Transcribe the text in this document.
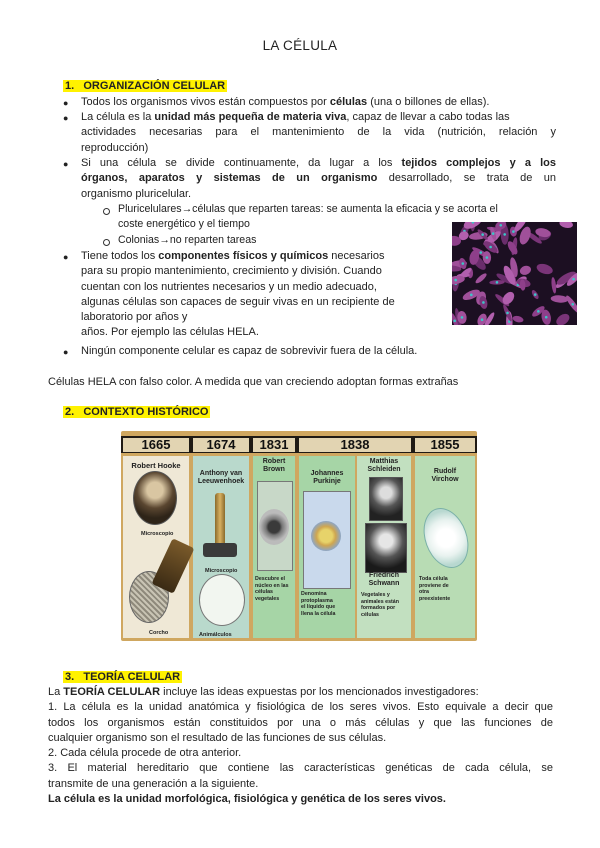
LA CÉLULA
1. ORGANIZACIÓN CELULAR
● Todos los organismos vivos están compuestos por células (una o billones de ellas).
● La célula es la unidad más pequeña de materia viva, capaz de llevar a cabo todas las
actividades necesarias para el mantenimiento de la vida (nutrición, relación y
reproducción)
● Si una célula se divide continuamente, da lugar a los tejidos complejos y a los
órganos, aparatos y sistemas de un organismo desarrollado, se trata de un
organismo pluricelular.
Pluricelulares→células que reparten tareas: se aumenta la eficacia y se acorta el
coste energético y el tiempo
Colonias→no reparten tareas
● Tiene todos los componentes físicos y químicos necesarios
para su propio mantenimiento, crecimiento y división. Cuando
cuentan con los nutrientes necesarios y un medio adecuado,
algunas células son capaces de seguir vivas en un recipiente de
laboratorio por años y
años. Por ejemplo las células HELA.
● Ningún componente celular es capaz de sobrevivir fuera de la célula.
Células HELA con falso color. A medida que van creciendo adoptan formas extrañas
2. CONTEXTO HISTÓRICO
1665	1674	1831	1838	1855
Robert Hooke
Microscopio
Corcho
Anthony van
Leeuwenhoek
Microscopio
Animálculos
Robert
Brown
Descubre el
núcleo en las
células
vegetales
Johannes
Purkinje
Denomina
protoplasma
el líquido que
llena la célula
Matthias
Schleiden
Friedrich
Schwann
Vegetales y
animales están
formados por
células
Rudolf
Virchow
Toda célula
proviene de
otra
preexistente
3. TEORÍA CELULAR
La TEORÍA CELULAR incluye las ideas expuestas por los mencionados investigadores:
1. La célula es la unidad anatómica y fisiológica de los seres vivos. Esto equivale a decir que
todos los organismos están constituidos por una o más células y que las funciones de
cualquier organismo son el resultado de las funciones de sus células.
2. Cada célula procede de otra anterior.
3. El material hereditario que contiene las características genéticas de cada célula, se
transmite de una generación a la siguiente.
La célula es la unidad morfológica, fisiológica y genética de los seres vivos.
